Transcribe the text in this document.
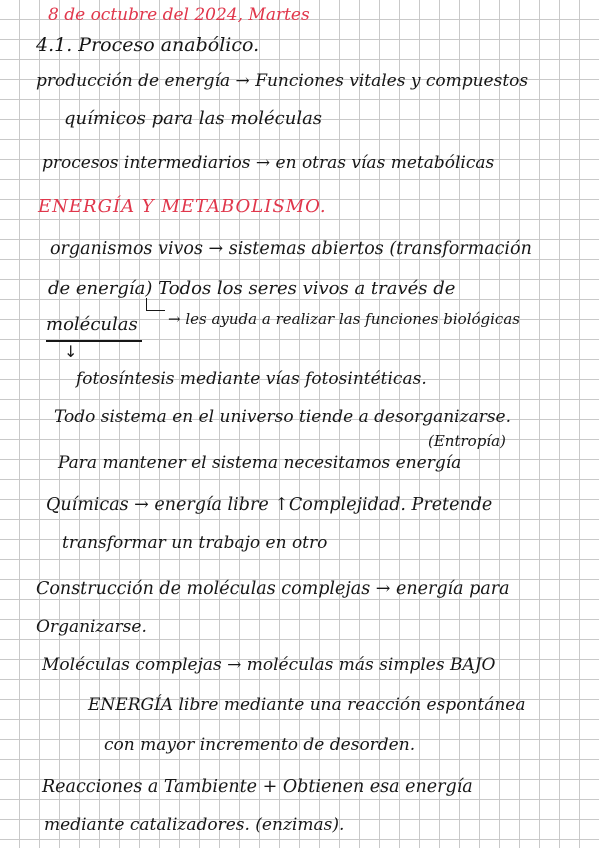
8 de octubre del 2024, Martes
4.1. Proceso anabólico.
producción de energía → Funciones vitales y compuestos
químicos para las moléculas
procesos intermediarios → en otras vías metabólicas
ENERGÍA Y METABOLISMO.
organismos vivos → sistemas abiertos (transformación
de energía) Todos los seres vivos a través de
moléculas → les ayuda a realizar las funciones biológicas
↓
fotosíntesis mediante vías fotosintéticas.
Todo sistema en el universo tiende a desorganizarse.
(Entropía)
Para mantener el sistema necesitamos energía
Químicas → energía libre ↑Complejidad. Pretende
transformar un trabajo en otro
Construcción de moléculas complejas → energía para
Organizarse.
Moléculas complejas → moléculas más simples BAJO
ENERGÍA libre mediante una reacción espontánea
con mayor incremento de desorden.
Reacciones a Tambiente + Obtienen esa energía
mediante catalizadores. (enzimas).
